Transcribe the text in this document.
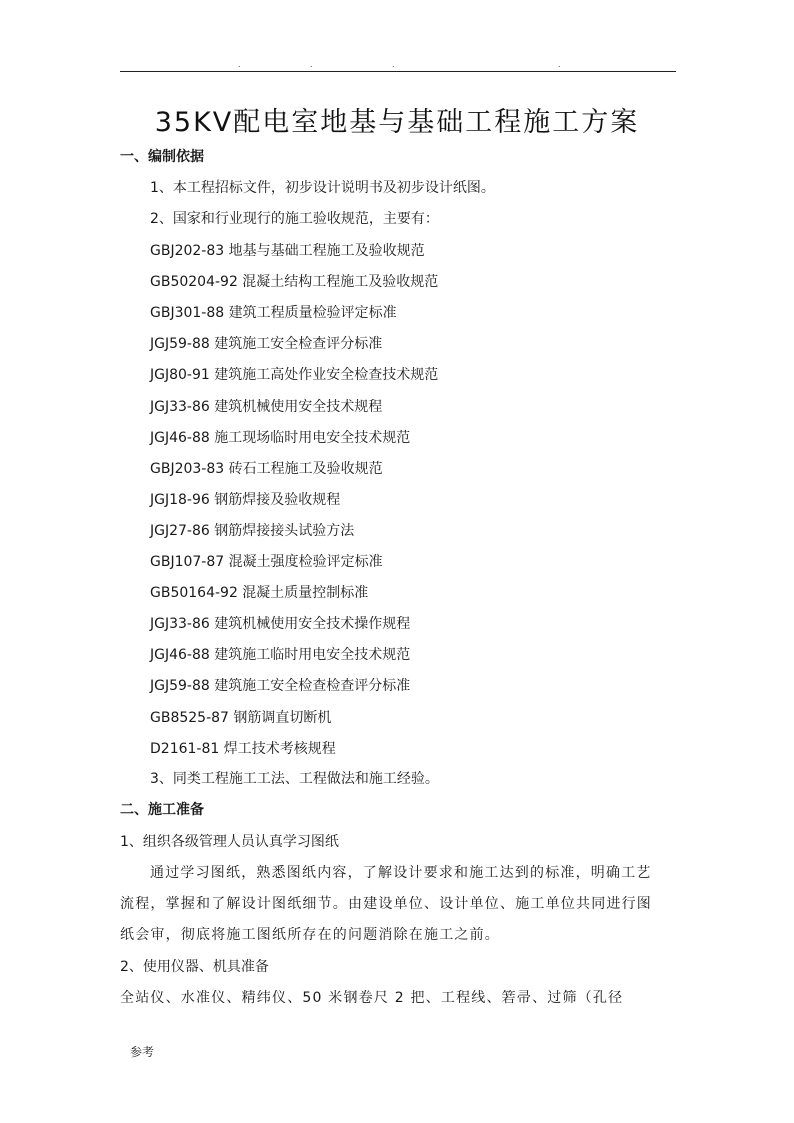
.	.	.	.
35KV配电室地基与基础工程施工方案
一、编制依据
1、本工程招标文件，初步设计说明书及初步设计纸图。
2、国家和行业现行的施工验收规范，主要有：
GBJ202-83 地基与基础工程施工及验收规范
GB50204-92 混凝土结构工程施工及验收规范
GBJ301-88 建筑工程质量检验评定标准
JGJ59-88 建筑施工安全检查评分标准
JGJ80-91 建筑施工高处作业安全检查技术规范
JGJ33-86 建筑机械使用安全技术规程
JGJ46-88 施工现场临时用电安全技术规范
GBJ203-83 砖石工程施工及验收规范
JGJ18-96 钢筋焊接及验收规程
JGJ27-86 钢筋焊接接头试验方法
GBJ107-87 混凝土强度检验评定标准
GB50164-92 混凝土质量控制标准
JGJ33-86 建筑机械使用安全技术操作规程
JGJ46-88 建筑施工临时用电安全技术规范
JGJ59-88 建筑施工安全检查检查评分标准
GB8525-87 钢筋调直切断机
D2161-81 焊工技术考核规程
3、同类工程施工工法、工程做法和施工经验。
二、施工准备
1、组织各级管理人员认真学习图纸
通过学习图纸，熟悉图纸内容，了解设计要求和施工达到的标准，明确工艺
流程，掌握和了解设计图纸细节。由建设单位、设计单位、施工单位共同进行图
纸会审，彻底将施工图纸所存在的问题消除在施工之前。
2、使用仪器、机具准备
全站仪、水准仪、精纬仪、50 米钢卷尺 2 把、工程线、箬帚、过筛（孔径
参考
